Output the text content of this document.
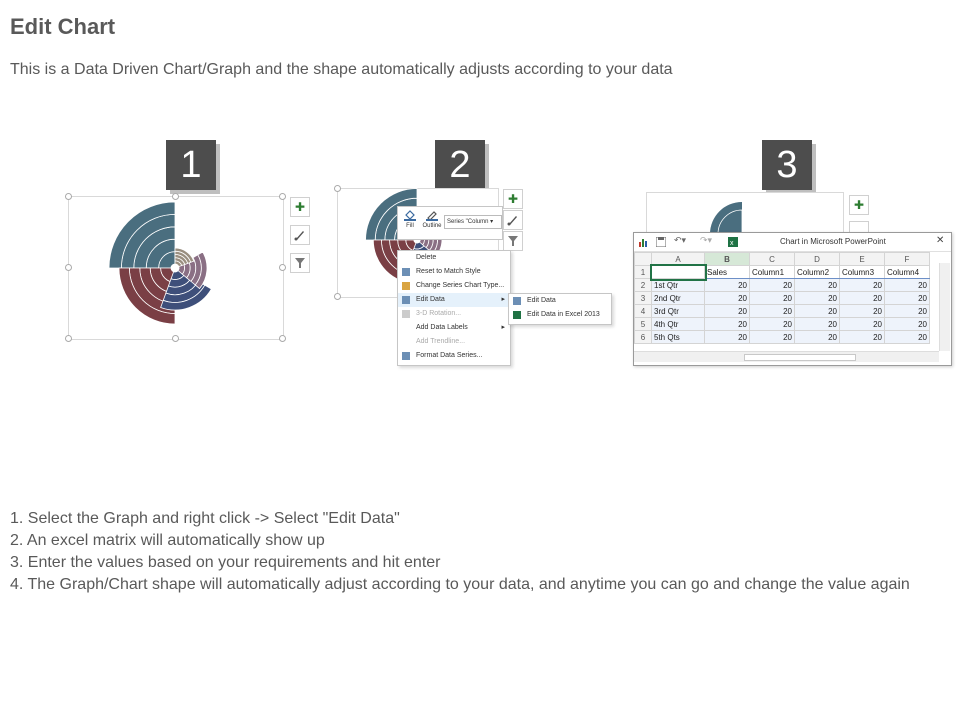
Edit Chart
This is a Data Driven Chart/Graph and the shape automatically adjusts according to your data
1	2	3
✚
✚
Fill	Outline
Series "Column ▾
Delete
Reset to Match Style
Change Series Chart Type...
Edit Data	▸
3-D Rotation...
Add Data Labels	▸
Add Trendline...
Format Data Series...
Edit Data
Edit Data in Excel 2013
✚
↶▾ ↷▾	x	Chart in Microsoft PowerPoint	✕
	A	B	C	D	E	F
1		Sales	Column1	Column2	Column3	Column4
2	1st Qtr	20	20	20	20	20
3	2nd Qtr	20	20	20	20	20
4	3rd Qtr	20	20	20	20	20
5	4th Qtr	20	20	20	20	20
6	5th Qts	20	20	20	20	20

1. Select the Graph and right click -> Select "Edit Data"

2. An excel matrix will automatically show up

3. Enter the values based on your requirements and hit enter

4. The Graph/Chart shape will automatically adjust according to your data, and anytime you can go and change the value again
